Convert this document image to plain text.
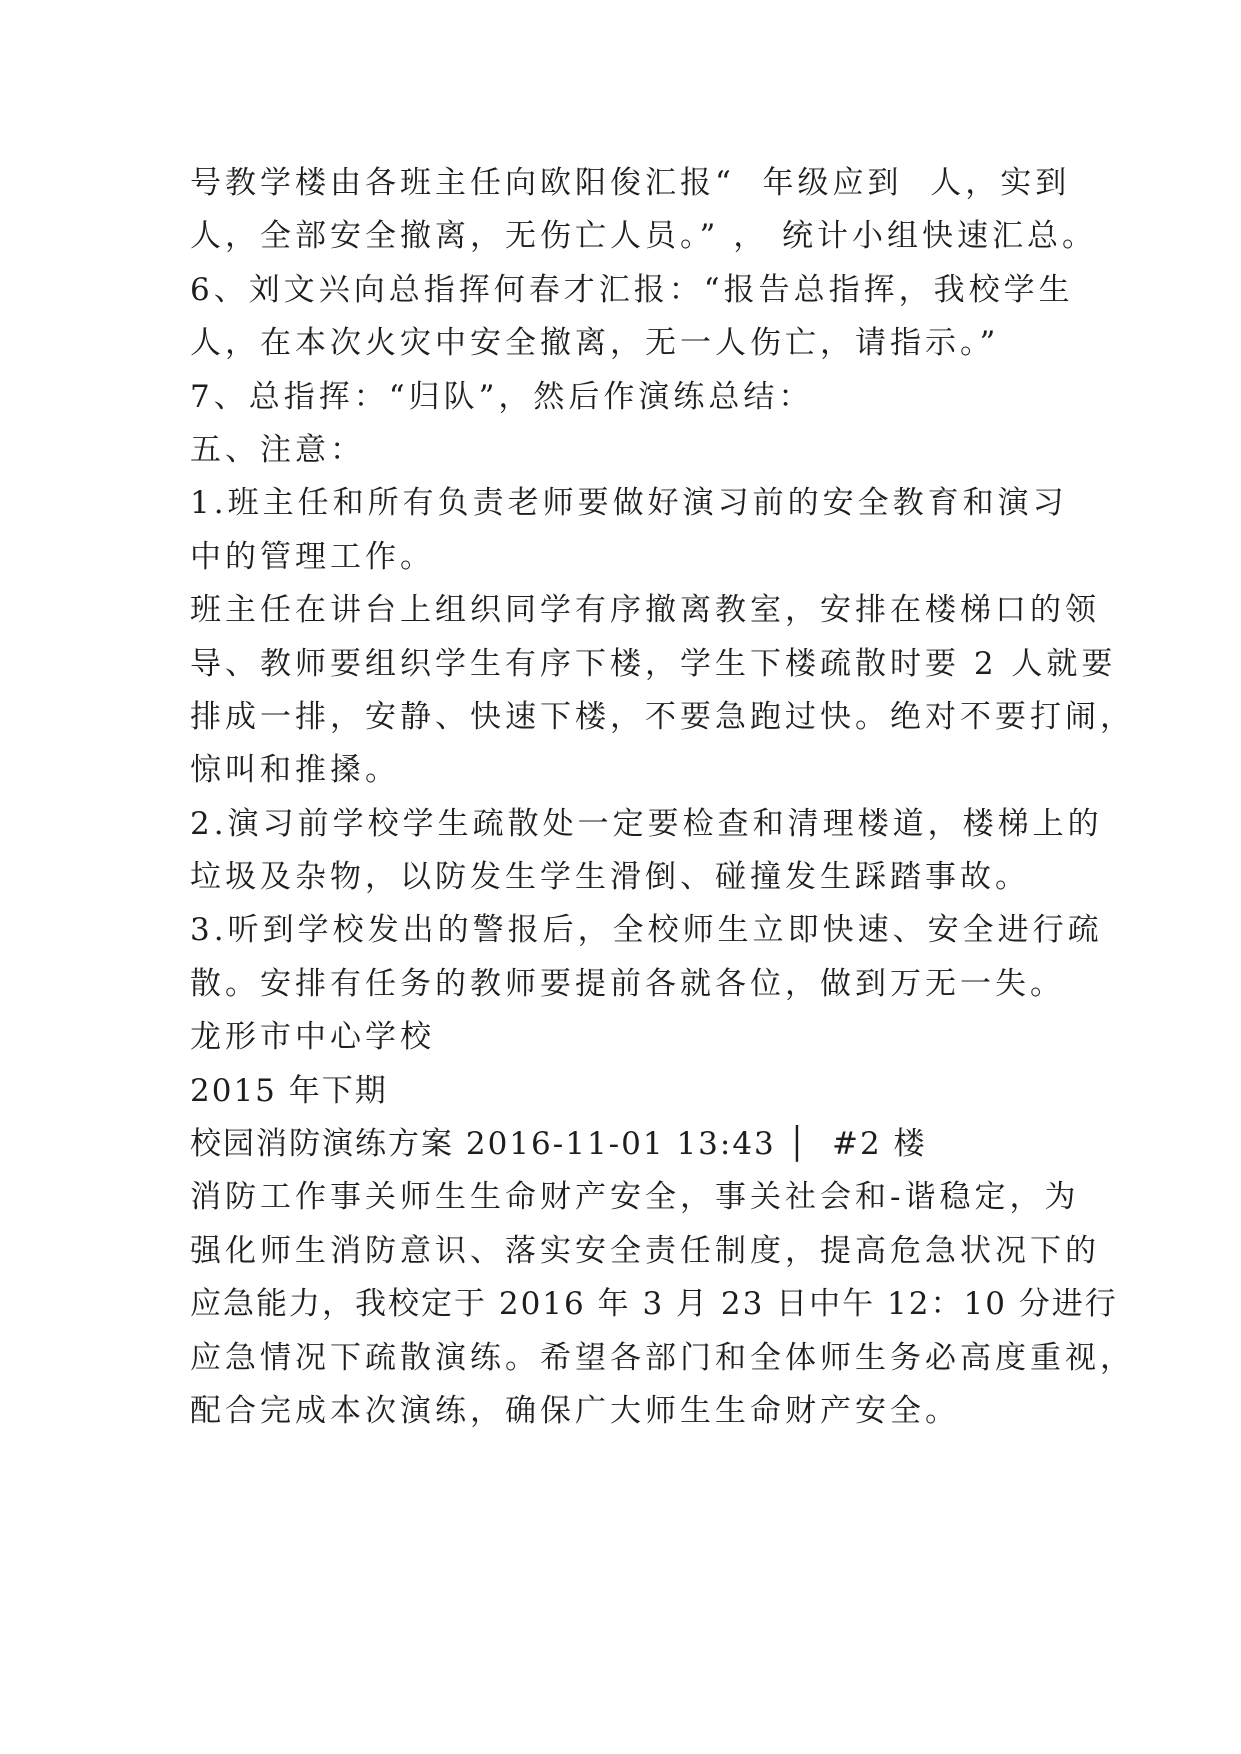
号教学楼由各班主任向欧阳俊汇报“  年级应到  人，实到
人，全部安全撤离，无伤亡人员。” ， 统计小组快速汇总。
6、刘文兴向总指挥何春才汇报：“报告总指挥，我校学生
人，在本次火灾中安全撤离，无一人伤亡，请指示。”
7、总指挥：“归队”，然后作演练总结：
五、注意：
1.班主任和所有负责老师要做好演习前的安全教育和演习
中的管理工作。
班主任在讲台上组织同学有序撤离教室，安排在楼梯口的领
导、教师要组织学生有序下楼，学生下楼疏散时要 2 人就要
排成一排，安静、快速下楼，不要急跑过快。绝对不要打闹，
惊叫和推搡。
2.演习前学校学生疏散处一定要检查和清理楼道，楼梯上的
垃圾及杂物，以防发生学生滑倒、碰撞发生踩踏事故。
3.听到学校发出的警报后，全校师生立即快速、安全进行疏
散。安排有任务的教师要提前各就各位，做到万无一失。
龙形市中心学校
2015 年下期
校园消防演练方案 2016-11-01 13:43 │  #2 楼
消防工作事关师生生命财产安全，事关社会和-谐稳定，为
强化师生消防意识、落实安全责任制度，提高危急状况下的
应急能力，我校定于 2016 年 3 月 23 日中午 12：10 分进行
应急情况下疏散演练。希望各部门和全体师生务必高度重视，
配合完成本次演练，确保广大师生生命财产安全。
